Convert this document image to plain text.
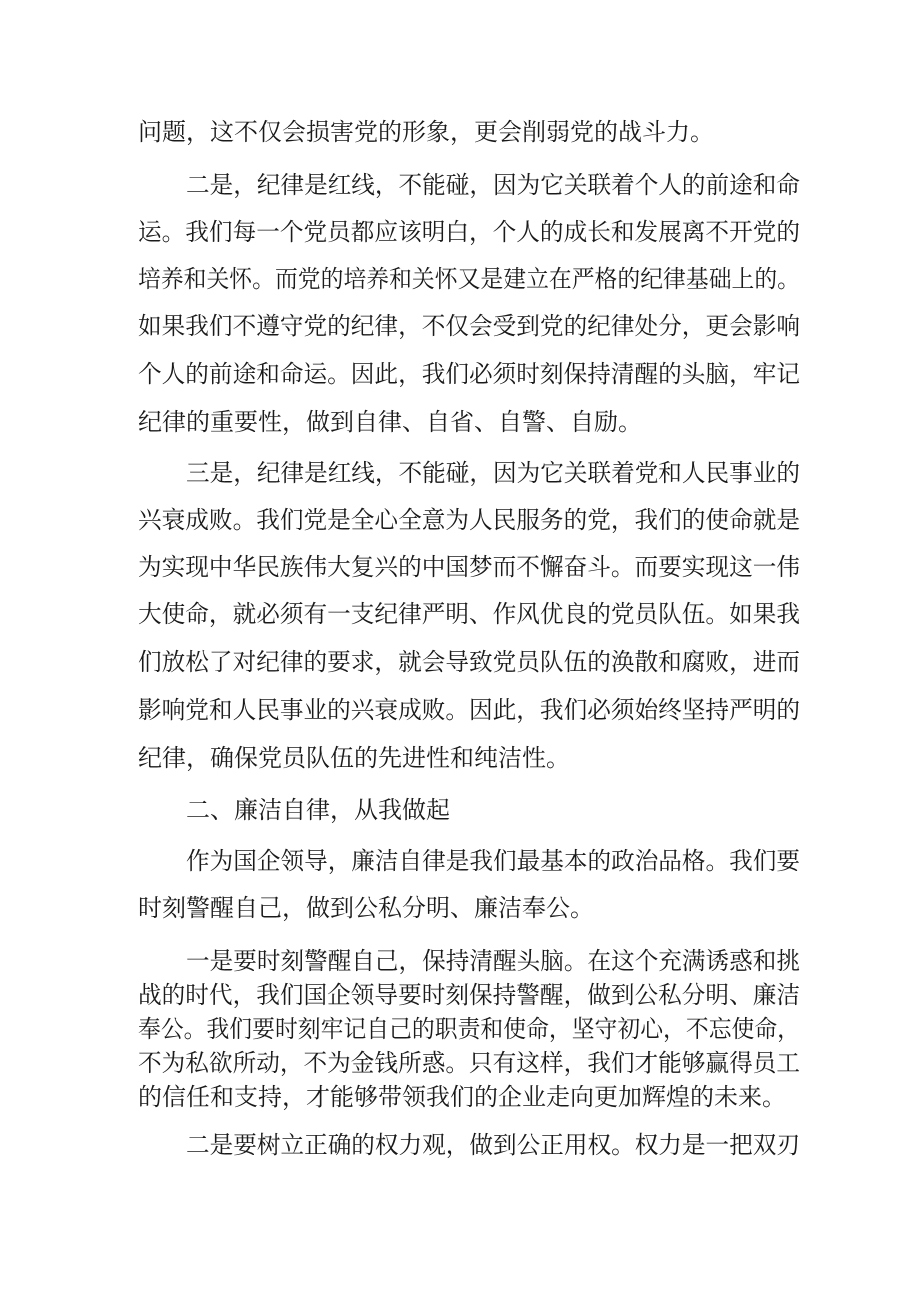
问题，这不仅会损害党的形象，更会削弱党的战斗力。
二是，纪律是红线，不能碰，因为它关联着个人的前途和命
运。我们每一个党员都应该明白，个人的成长和发展离不开党的
培养和关怀。而党的培养和关怀又是建立在严格的纪律基础上的。
如果我们不遵守党的纪律，不仅会受到党的纪律处分，更会影响
个人的前途和命运。因此，我们必须时刻保持清醒的头脑，牢记
纪律的重要性，做到自律、自省、自警、自励。
三是，纪律是红线，不能碰，因为它关联着党和人民事业的
兴衰成败。我们党是全心全意为人民服务的党，我们的使命就是
为实现中华民族伟大复兴的中国梦而不懈奋斗。而要实现这一伟
大使命，就必须有一支纪律严明、作风优良的党员队伍。如果我
们放松了对纪律的要求，就会导致党员队伍的涣散和腐败，进而
影响党和人民事业的兴衰成败。因此，我们必须始终坚持严明的
纪律，确保党员队伍的先进性和纯洁性。
二、廉洁自律，从我做起
作为国企领导，廉洁自律是我们最基本的政治品格。我们要
时刻警醒自己，做到公私分明、廉洁奉公。
一是要时刻警醒自己，保持清醒头脑。在这个充满诱惑和挑
战的时代，我们国企领导要时刻保持警醒，做到公私分明、廉洁
奉公。我们要时刻牢记自己的职责和使命，坚守初心，不忘使命，
不为私欲所动，不为金钱所惑。只有这样，我们才能够赢得员工
的信任和支持，才能够带领我们的企业走向更加辉煌的未来。
二是要树立正确的权力观，做到公正用权。权力是一把双刃
